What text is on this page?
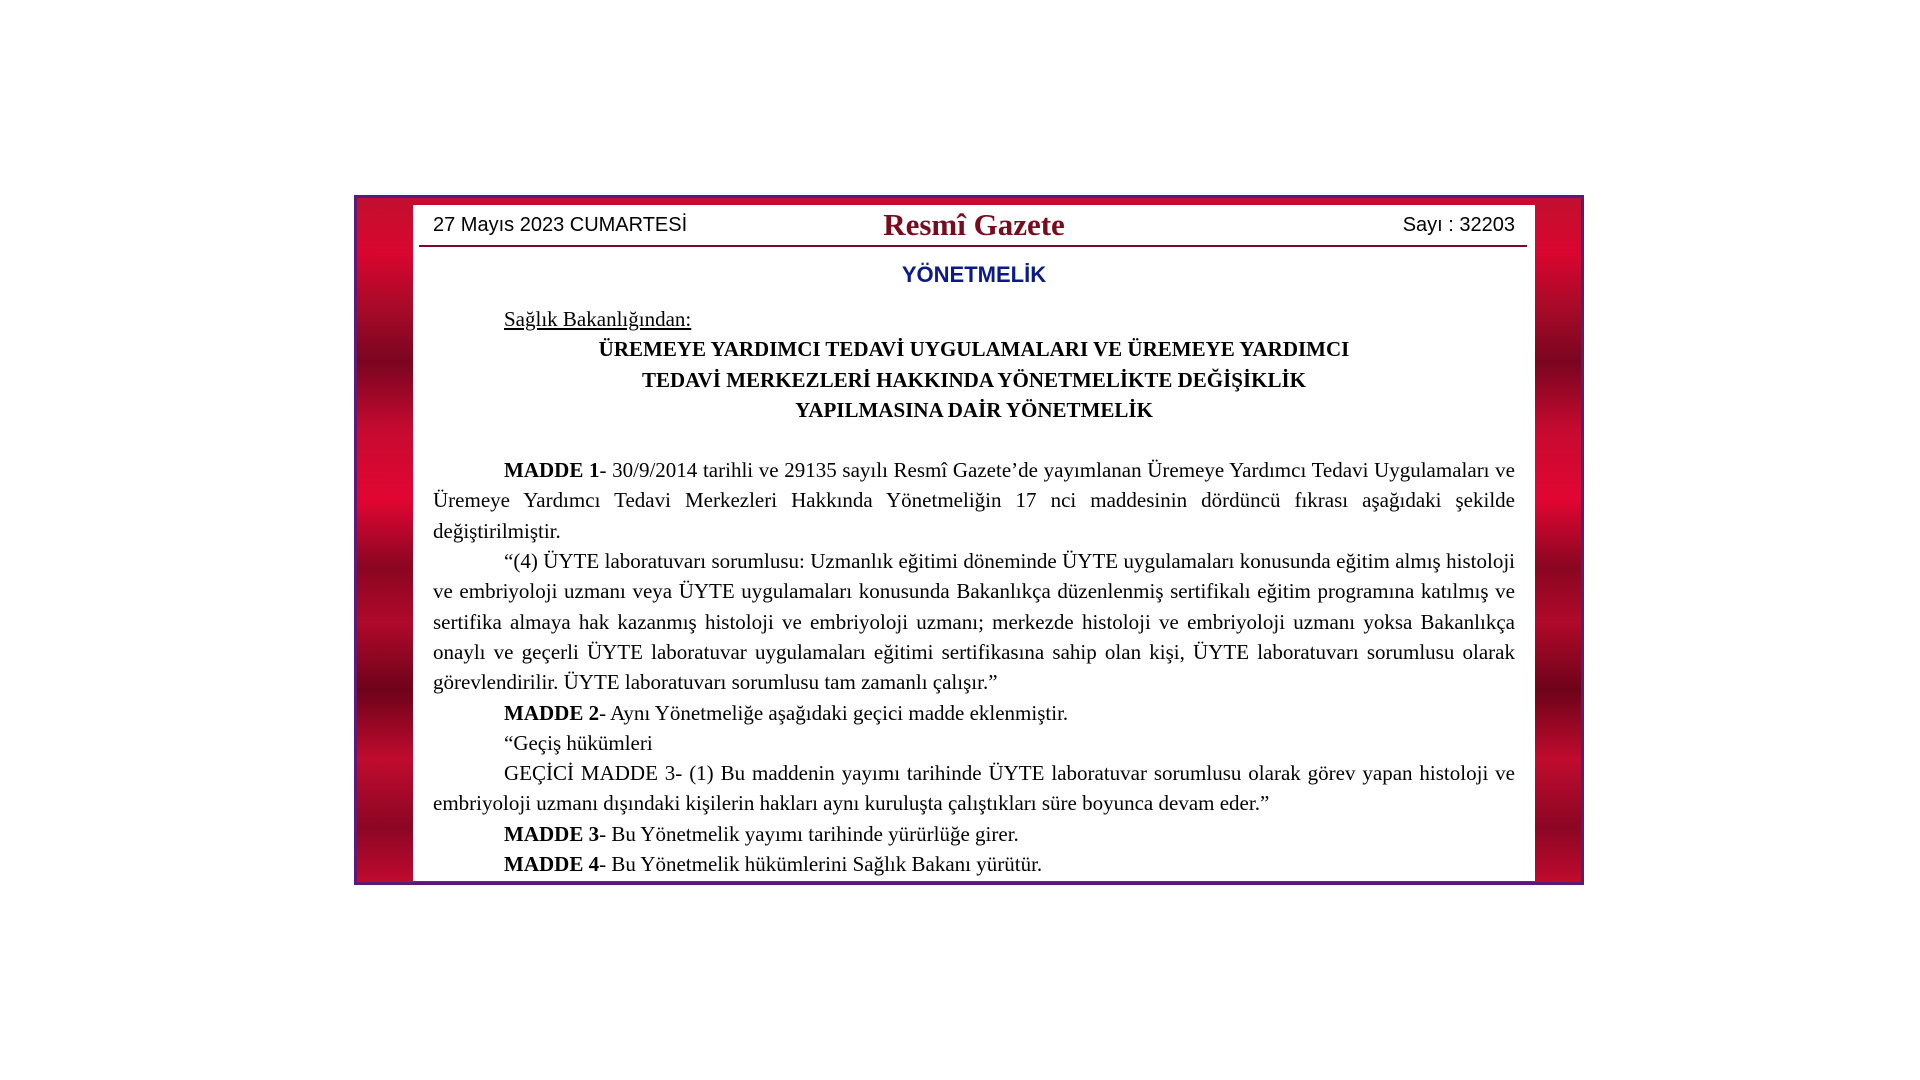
27 Mayıs 2023 CUMARTESİ	Resmî Gazete	Sayı : 32203
YÖNETMELİK

Sağlık Bakanlığından:

ÜREMEYE YARDIMCI TEDAVİ UYGULAMALARI VE ÜREMEYE YARDIMCI
TEDAVİ MERKEZLERİ HAKKINDA YÖNETMELİKTE DEĞİŞİKLİK
YAPILMASINA DAİR YÖNETMELİK

MADDE 1- 30/9/2014 tarihli ve 29135 sayılı Resmî Gazete’de yayımlanan Üremeye Yardımcı Tedavi Uygulamaları ve Üremeye Yardımcı Tedavi Merkezleri Hakkında Yönetmeliğin 17 nci maddesinin dördüncü fıkrası aşağıdaki şekilde değiştirilmiştir.

“(4) ÜYTE laboratuvarı sorumlusu: Uzmanlık eğitimi döneminde ÜYTE uygulamaları konusunda eğitim almış histoloji ve embriyoloji uzmanı veya ÜYTE uygulamaları konusunda Bakanlıkça düzenlenmiş sertifikalı eğitim programına katılmış ve sertifika almaya hak kazanmış histoloji ve embriyoloji uzmanı; merkezde histoloji ve embriyoloji uzmanı yoksa Bakanlıkça onaylı ve geçerli ÜYTE laboratuvar uygulamaları eğitimi sertifikasına sahip olan kişi, ÜYTE laboratuvarı sorumlusu olarak görevlendirilir. ÜYTE laboratuvarı sorumlusu tam zamanlı çalışır.”

MADDE 2- Aynı Yönetmeliğe aşağıdaki geçici madde eklenmiştir.

“Geçiş hükümleri

GEÇİCİ MADDE 3- (1) Bu maddenin yayımı tarihinde ÜYTE laboratuvar sorumlusu olarak görev yapan histoloji ve embriyoloji uzmanı dışındaki kişilerin hakları aynı kuruluşta çalıştıkları süre boyunca devam eder.”

MADDE 3- Bu Yönetmelik yayımı tarihinde yürürlüğe girer.

MADDE 4- Bu Yönetmelik hükümlerini Sağlık Bakanı yürütür.
